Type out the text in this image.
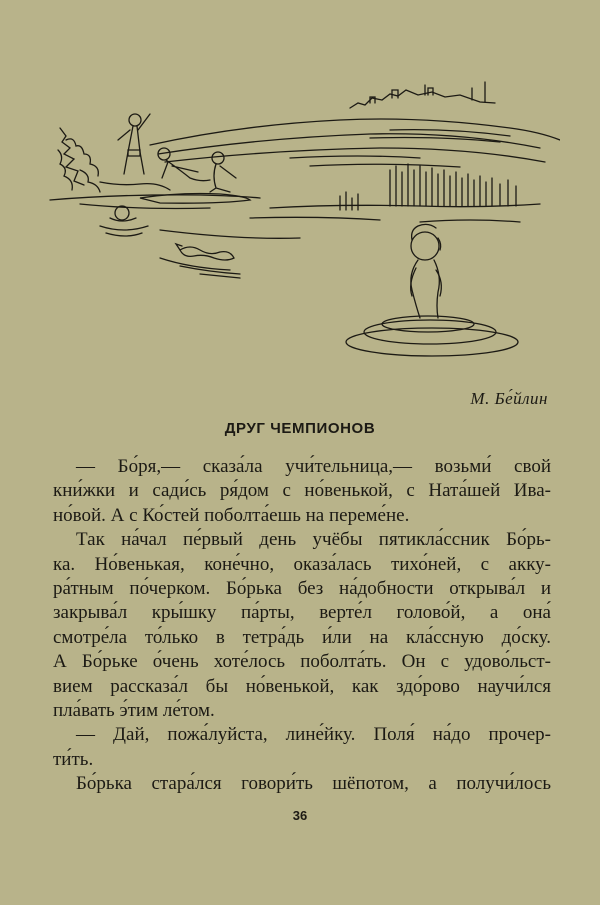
М. Бе́йлин
ДРУГ ЧЕМПИОНОВ
— Бо́ря,— сказа́ла учи́тельница,— возьми́ свой
кни́жки и сади́сь ря́дом с но́венькой, с Ната́шей Ива-
но́вой. А с Ко́стей поболта́ешь на переме́не.
Так на́чал пе́рвый день учёбы пятикла́ссник Бо́рь-
ка. Но́венькая, коне́чно, оказа́лась тихо́ней, с акку-
ра́тным по́черком. Бо́рька без на́добности открыва́л и
закрыва́л кры́шку па́рты, верте́л голово́й, а она́
смотре́ла то́лько в тетра́дь и́ли на кла́ссную до́ску.
А Бо́рьке о́чень хоте́лось поболта́ть. Он с удово́льст-
вием рассказа́л бы но́венькой, как здо́рово научи́лся
пла́вать э́тим ле́том.
— Дай, пожа́луйста, лине́йку. Поля́ на́до прочер-
ти́ть.
Бо́рька стара́лся говори́ть шёпотом, а получи́лось
36
